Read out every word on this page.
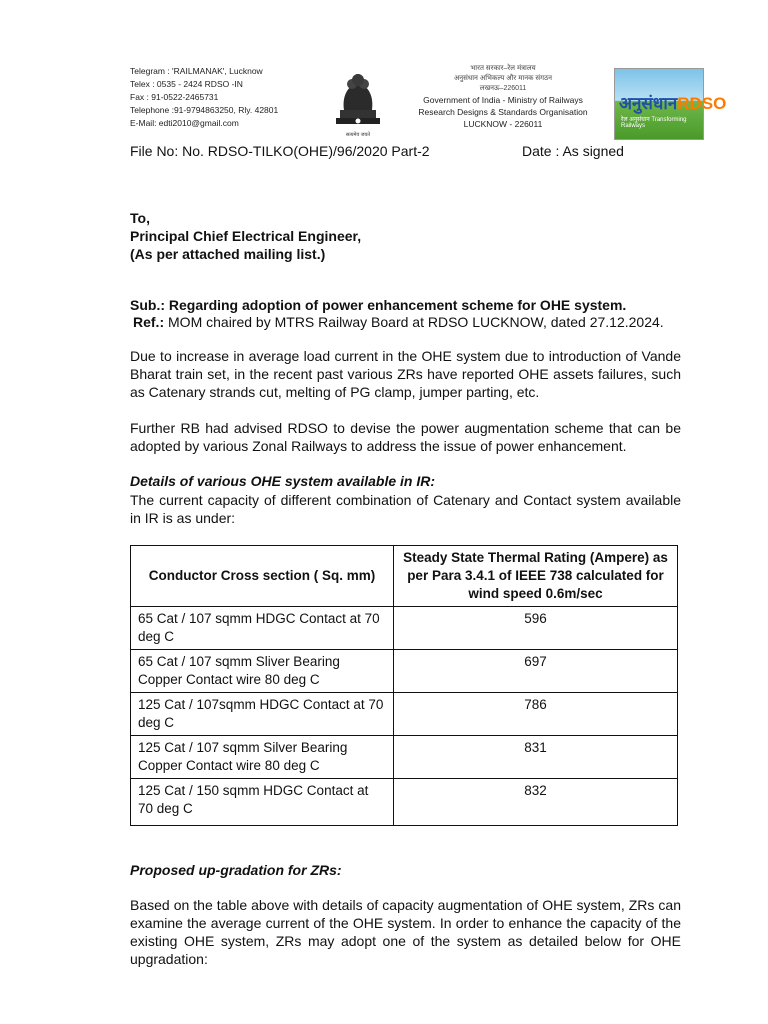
Telegram : 'RAILMANAK', Lucknow
Telex : 0535 - 2424 RDSO -IN
Fax : 91-0522-2465731
Telephone :91-9794863250, Rly. 42801
E-Mail: edti2010@gmail.com
सत्यमेव जयते
भारत सरकार–रेल मंत्रालय
अनुसंधान अभिकल्प और मानक संगठन
लखनऊ–226011
Government of India - Ministry of Railways
Research Designs & Standards Organisation
LUCKNOW - 226011
अनुसंधानRDSO
रेल अनुसंधान Transforming Railways
File No: No. RDSO-TILKO(OHE)/96/2020 Part-2	Date : As signed
To,
Principal Chief Electrical Engineer,
(As per attached mailing list.)
Sub.: Regarding adoption of power enhancement scheme for OHE system.
Ref.: MOM chaired by MTRS Railway Board at RDSO LUCKNOW, dated 27.12.2024.
Due to increase in average load current in the OHE system due to introduction of Vande Bharat train set, in the recent past various ZRs have reported OHE assets failures, such as Catenary strands cut, melting of PG clamp, jumper parting, etc.
Further RB had advised RDSO to devise the power augmentation scheme that can be adopted by various Zonal Railways to address the issue of power enhancement.
Details of various OHE system available in IR:
The current capacity of different combination of Catenary and Contact system available in IR is as under:
Conductor Cross section ( Sq. mm)	Steady State Thermal Rating (Ampere) as per Para 3.4.1 of IEEE 738 calculated for wind speed 0.6m/sec
65 Cat / 107 sqmm HDGC Contact at 70 deg C	596
65 Cat / 107 sqmm Sliver Bearing Copper Contact wire 80 deg C	697
125 Cat / 107sqmm HDGC Contact at 70 deg C	786
125 Cat / 107 sqmm Silver Bearing Copper Contact wire 80 deg C	831
125 Cat / 150 sqmm HDGC Contact at 70 deg C	832
Proposed up-gradation for ZRs:
Based on the table above with details of capacity augmentation of OHE system, ZRs can examine the average current of the OHE system. In order to enhance the capacity of the existing OHE system, ZRs may adopt one of the system as detailed below for OHE upgradation:
